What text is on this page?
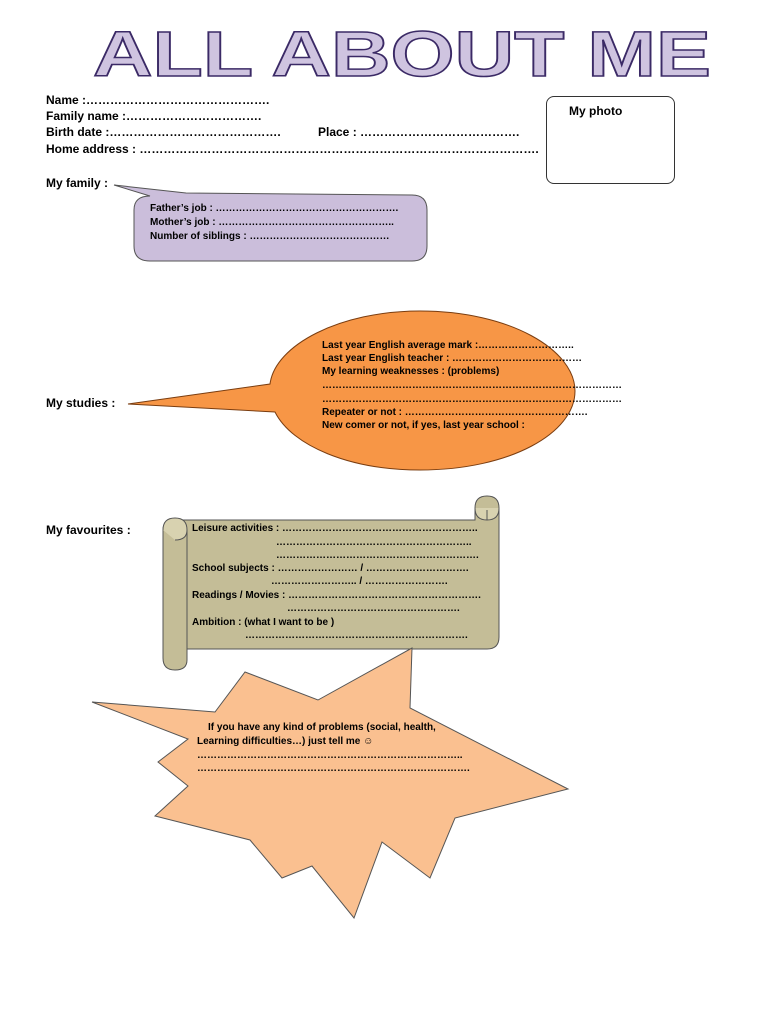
ALL ABOUT ME
Name :……………………………………….
Family name :…………………………….
Birth date :…………………………………….	Place : ………………………………….
Home address : ……………………………………………………………………………………….
My photo
My family :
Father’s job : ……………………………………………….
Mother’s job : ……………………………………………..
Number of siblings : ……………………………………
My studies :
Last year English average mark :………………………..
Last year English teacher : …………………………………
My learning weaknesses : (problems)
………………………………………………………………………………
………………………………………………………………………………
Repeater or not : ……………………………………………….
New comer or not, if yes, last year school :
My favourites :	Leisure activities : …………………………………………………..
…………………………………………………..
…………………………………………………….
School subjects : …………………… / ………………………….
…………………….. / …………………….
Readings / Movies : ………………………………………………….
…………………………………………….
Ambition : (what I want to be )
………………………………………………………….
If you have any kind of problems (social, health,
Learning difficulties…) just tell me ☺
……………………………………………………………………..
……………………………………………………………………….
